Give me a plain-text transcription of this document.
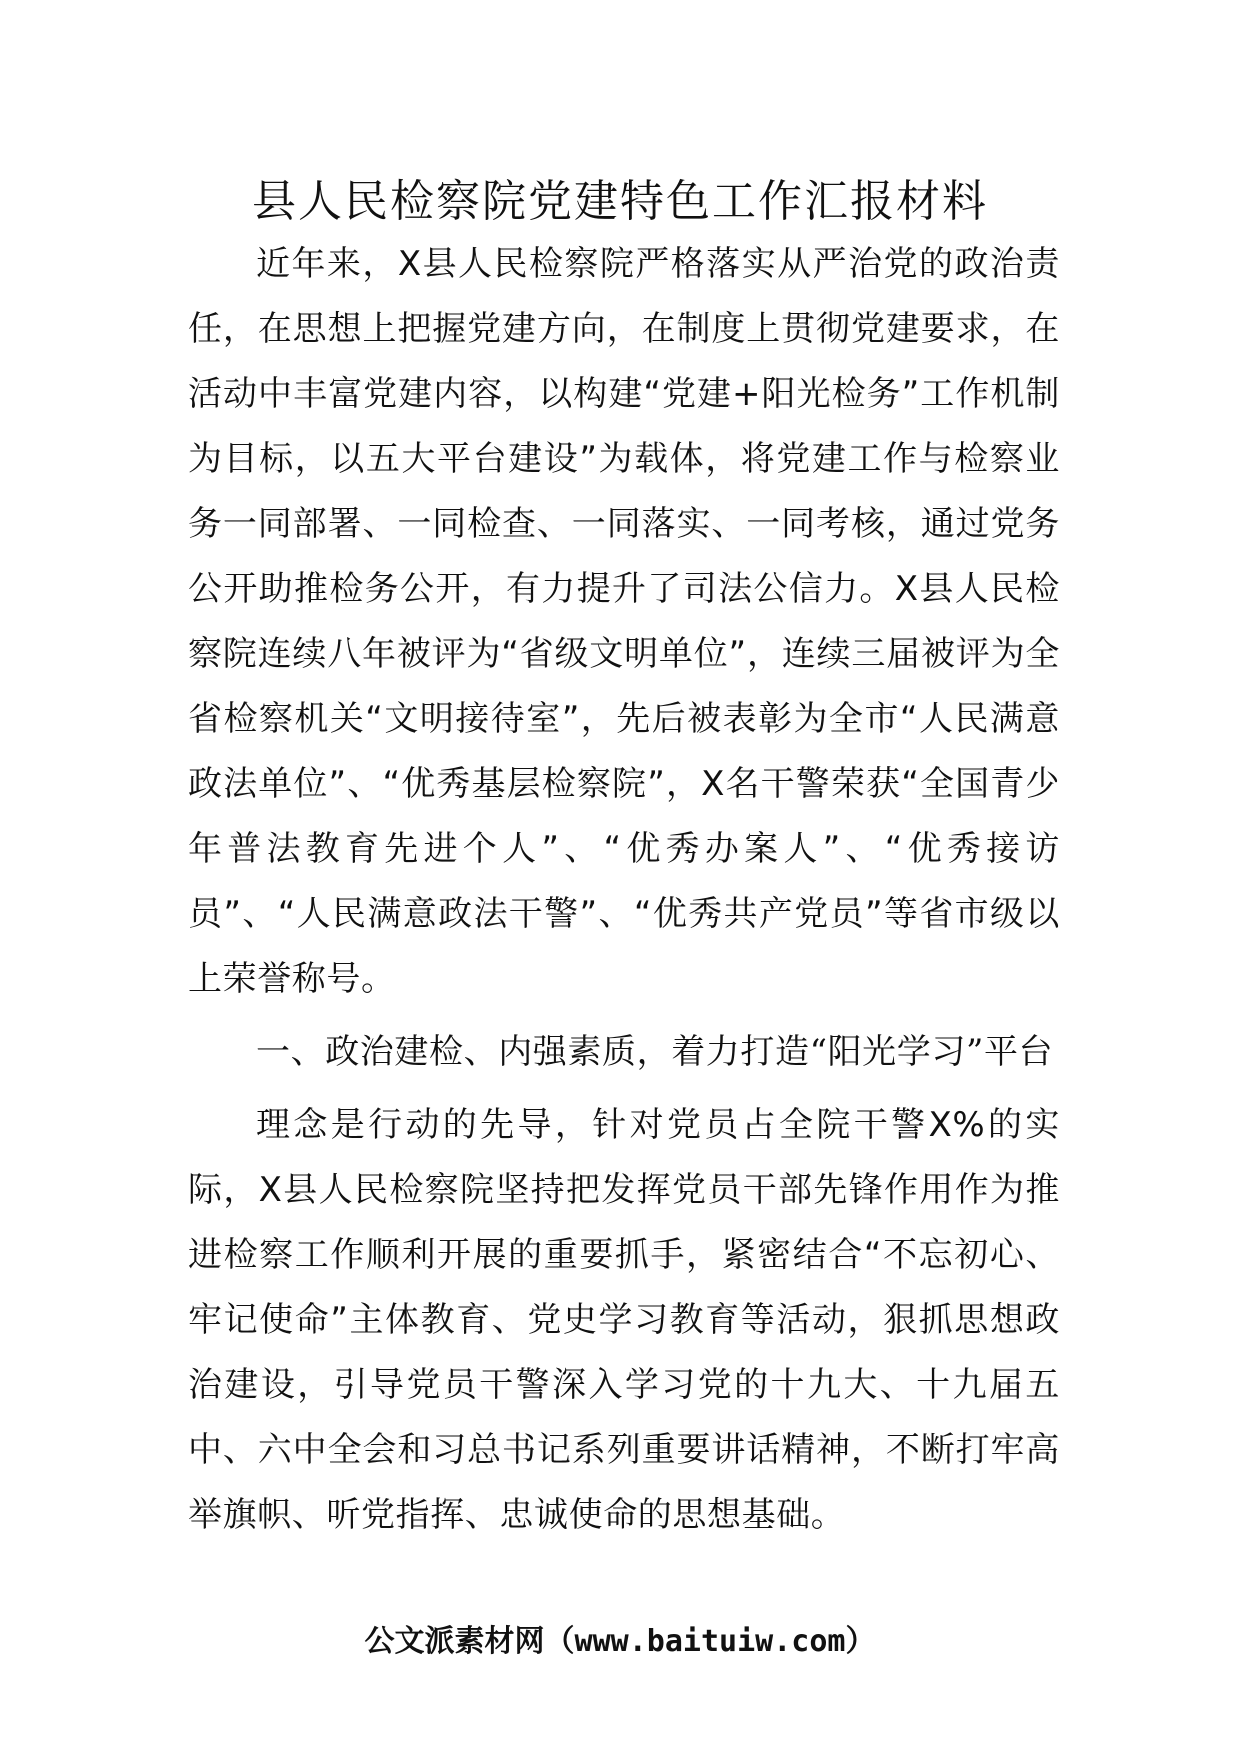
县人民检察院党建特色工作汇报材料

近年来，X县人民检察院严格落实从严治党的政治责任，在思想上把握党建方向，在制度上贯彻党建要求，在活动中丰富党建内容，以构建“党建+阳光检务”工作机制为目标，以五大平台建设”为载体，将党建工作与检察业务一同部署、一同检查、一同落实、一同考核，通过党务公开助推检务公开，有力提升了司法公信力。X县人民检察院连续八年被评为“省级文明单位”，连续三届被评为全省检察机关“文明接待室”，先后被表彰为全市“人民满意政法单位”、“优秀基层检察院”，X名干警荣获“全国青少年普法教育先进个人”、“优秀办案人”、“优秀接访员”、“人民满意政法干警”、“优秀共产党员”等省市级以上荣誉称号。

一、政治建检、内强素质，着力打造“阳光学习”平台

理念是行动的先导，针对党员占全院干警X%的实际，X县人民检察院坚持把发挥党员干部先锋作用作为推进检察工作顺利开展的重要抓手，紧密结合“不忘初心、牢记使命”主体教育、党史学习教育等活动，狠抓思想政治建设，引导党员干警深入学习党的十九大、十九届五中、六中全会和习总书记系列重要讲话精神，不断打牢高举旗帜、听党指挥、忠诚使命的思想基础。

公文派素材网（www.baituiw.com）
